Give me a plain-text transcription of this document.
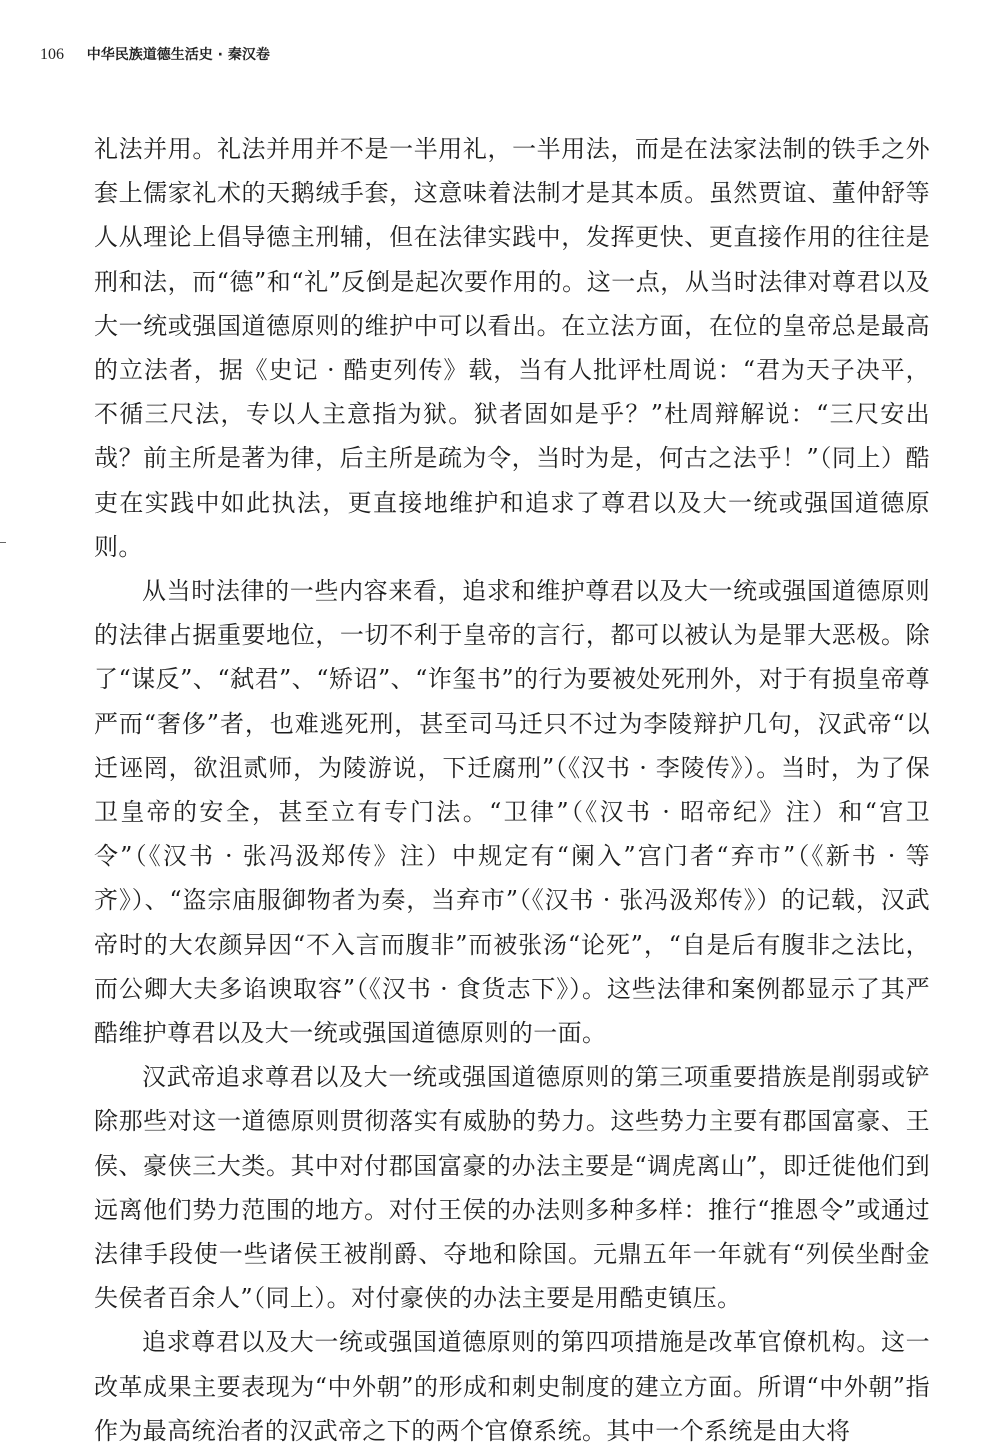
106 中华民族道德生活史 · 秦汉卷

礼法并用。礼法并用并不是一半用礼，一半用法，而是在法家法制的铁手之外套上儒家礼术的天鹅绒手套，这意味着法制才是其本质。虽然贾谊、董仲舒等人从理论上倡导德主刑辅，但在法律实践中，发挥更快、更直接作用的往往是刑和法，而“德”和“礼”反倒是起次要作用的。这一点，从当时法律对尊君以及大一统或强国道德原则的维护中可以看出。在立法方面，在位的皇帝总是最高的立法者，据《史记 · 酷吏列传》载，当有人批评杜周说：“君为天子决平，不循三尺法，专以人主意指为狱。狱者固如是乎？”杜周辩解说：“三尺安出哉？前主所是著为律，后主所是疏为令，当时为是，何古之法乎！”（同上）酷吏在实践中如此执法，更直接地维护和追求了尊君以及大一统或强国道德原则。

从当时法律的一些内容来看，追求和维护尊君以及大一统或强国道德原则的法律占据重要地位，一切不利于皇帝的言行，都可以被认为是罪大恶极。除了“谋反”、“弑君”、“矫诏”、“诈玺书”的行为要被处死刑外，对于有损皇帝尊严而“奢侈”者，也难逃死刑，甚至司马迁只不过为李陵辩护几句，汉武帝“以迁诬罔，欲沮贰师，为陵游说，下迁腐刑”（《汉书 · 李陵传》）。当时，为了保卫皇帝的安全，甚至立有专门法。“卫律”（《汉书 · 昭帝纪》注）和“宫卫令”（《汉书 · 张冯汲郑传》注）中规定有“阑入”宫门者“弃市”（《新书 · 等齐》）、“盗宗庙服御物者为奏，当弃市”（《汉书 · 张冯汲郑传》）的记载，汉武帝时的大农颜异因“不入言而腹非”而被张汤“论死”，“自是后有腹非之法比，而公卿大夫多谄谀取容”（《汉书 · 食货志下》）。这些法律和案例都显示了其严酷维护尊君以及大一统或强国道德原则的一面。

汉武帝追求尊君以及大一统或强国道德原则的第三项重要措族是削弱或铲除那些对这一道德原则贯彻落实有威胁的势力。这些势力主要有郡国富豪、王侯、豪侠三大类。其中对付郡国富豪的办法主要是“调虎离山”，即迁徙他们到远离他们势力范围的地方。对付王侯的办法则多种多样：推行“推恩令”或通过法律手段使一些诸侯王被削爵、夺地和除国。元鼎五年一年就有“列侯坐酎金失侯者百余人”（同上）。对付豪侠的办法主要是用酷吏镇压。

追求尊君以及大一统或强国道德原则的第四项措施是改革官僚机构。这一改革成果主要表现为“中外朝”的形成和刺史制度的建立方面。所谓“中外朝”指作为最高统治者的汉武帝之下的两个官僚系统。其中一个系统是由大将
